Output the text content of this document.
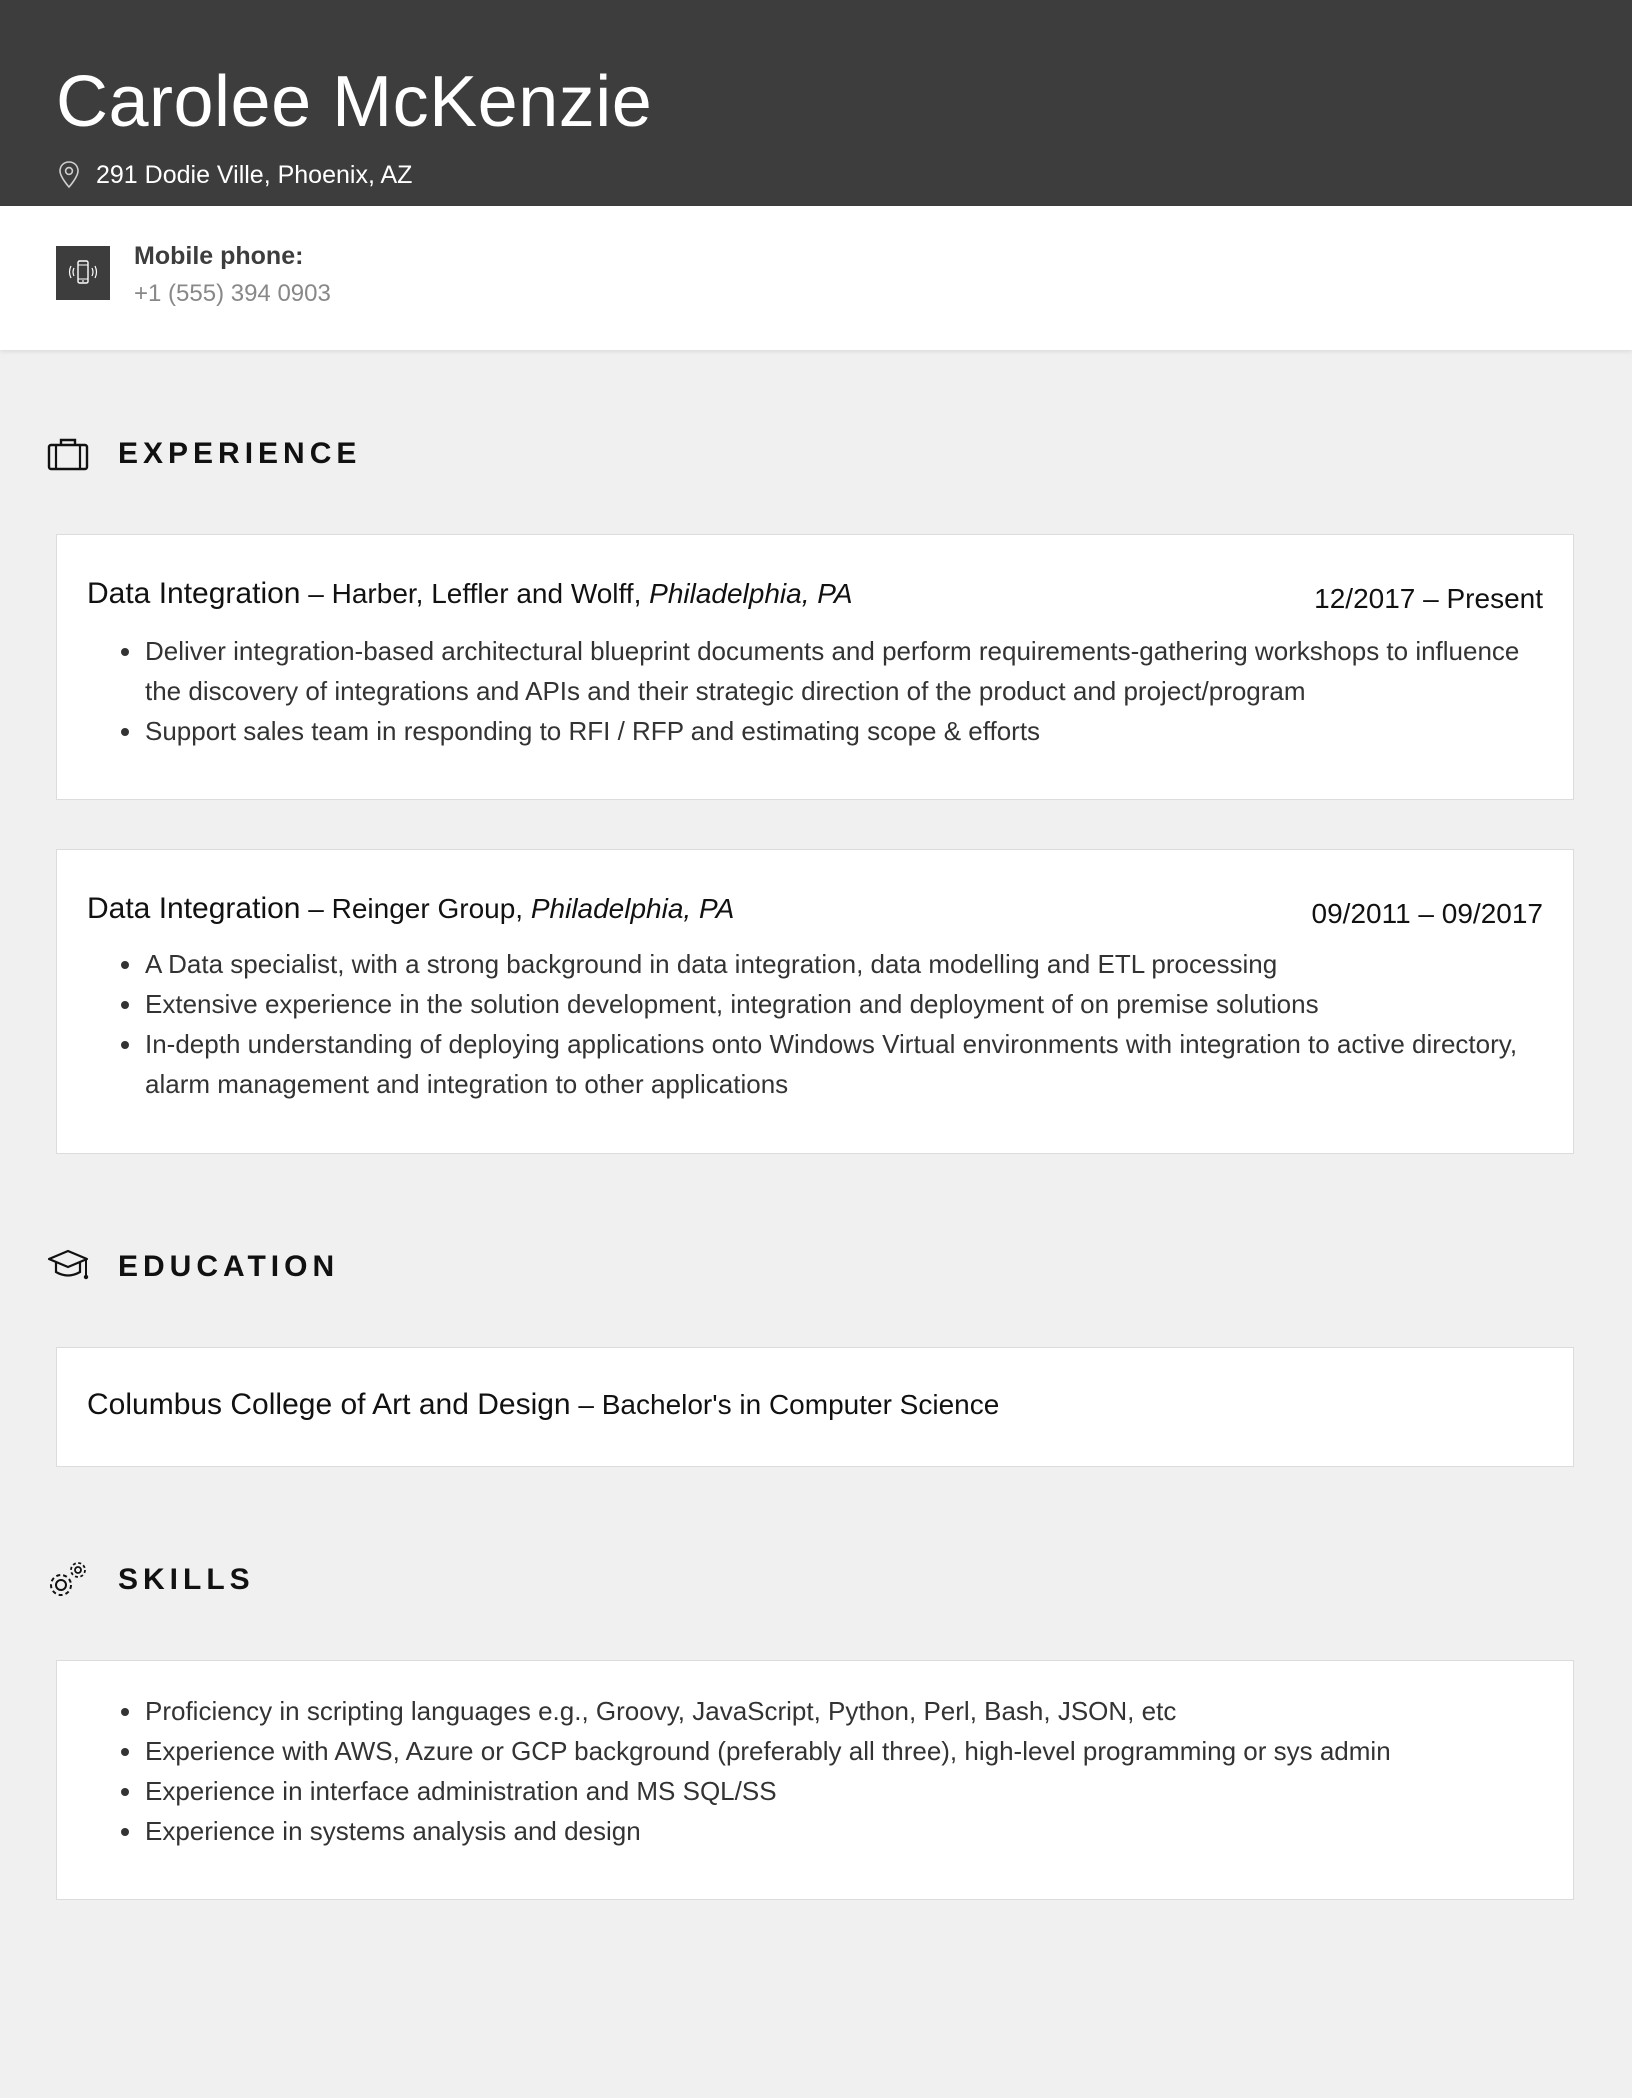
Carolee McKenzie
291 Dodie Ville, Phoenix, AZ
Mobile phone:
+1 (555) 394 0903
EXPERIENCE
Data Integration – Harber, Leffler and Wolff, Philadelphia, PA	12/2017 – Present
Deliver integration-based architectural blueprint documents and perform requirements-gathering workshops to influence the discovery of integrations and APIs and their strategic direction of the product and project/program
Support sales team in responding to RFI / RFP and estimating scope & efforts
Data Integration – Reinger Group, Philadelphia, PA	09/2011 – 09/2017
A Data specialist, with a strong background in data integration, data modelling and ETL processing
Extensive experience in the solution development, integration and deployment of on premise solutions
In-depth understanding of deploying applications onto Windows Virtual environments with integration to active directory, alarm management and integration to other applications
EDUCATION
Columbus College of Art and Design – Bachelor's in Computer Science
SKILLS
Proficiency in scripting languages e.g., Groovy, JavaScript, Python, Perl, Bash, JSON, etc
Experience with AWS, Azure or GCP background (preferably all three), high-level programming or sys admin
Experience in interface administration and MS SQL/SS
Experience in systems analysis and design
